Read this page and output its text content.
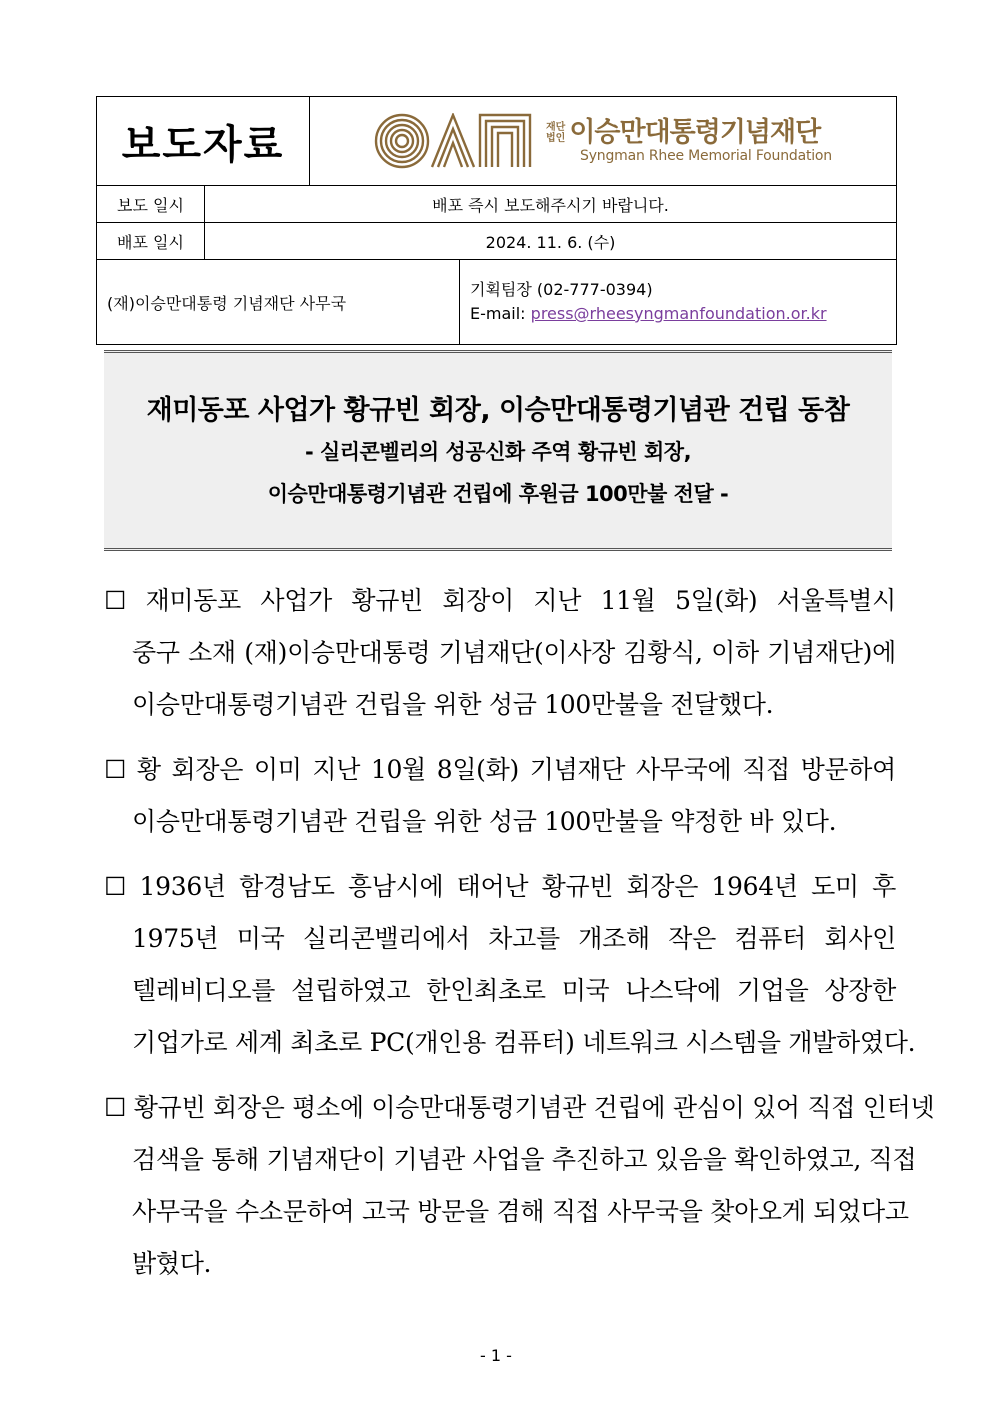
보도자료		재단
법인 이승만대통령기념재단
Syngman Rhee Memorial Foundation	

보도 일시	배포 즉시 보도해주시기 바랍니다.		
배포 일시	2024. 11. 6. (수)		
(재)이승만대통령 기념재단 사무국			기획팀장 (02-777-0394)
E-mail: press@rheesyngmanfoundation.or.kr
재미동포 사업가 황규빈 회장, 이승만대통령기념관 건립 동참
- 실리콘벨리의 성공신화 주역 황규빈 회장,
이승만대통령기념관 건립에 후원금 100만불 전달 -
☐ 재미동포 사업가 황규빈 회장이 지난 11월 5일(화) 서울특별시
중구 소재 (재)이승만대통령 기념재단(이사장 김황식, 이하 기념재단)에
이승만대통령기념관 건립을 위한 성금 100만불을 전달했다.
☐ 황 회장은 이미 지난 10월 8일(화) 기념재단 사무국에 직접 방문하여
이승만대통령기념관 건립을 위한 성금 100만불을 약정한 바 있다.
☐ 1936년 함경남도 흥남시에 태어난 황규빈 회장은 1964년 도미 후
1975년 미국 실리콘밸리에서 차고를 개조해 작은 컴퓨터 회사인
텔레비디오를 설립하였고 한인최초로 미국 나스닥에 기업을 상장한
기업가로 세계 최초로 PC(개인용 컴퓨터) 네트워크 시스템을 개발하였다.
☐ 황규빈 회장은 평소에 이승만대통령기념관 건립에 관심이 있어 직접 인터넷
검색을 통해 기념재단이 기념관 사업을 추진하고 있음을 확인하였고, 직접
사무국을 수소문하여 고국 방문을 겸해 직접 사무국을 찾아오게 되었다고
밝혔다.
- 1 -
